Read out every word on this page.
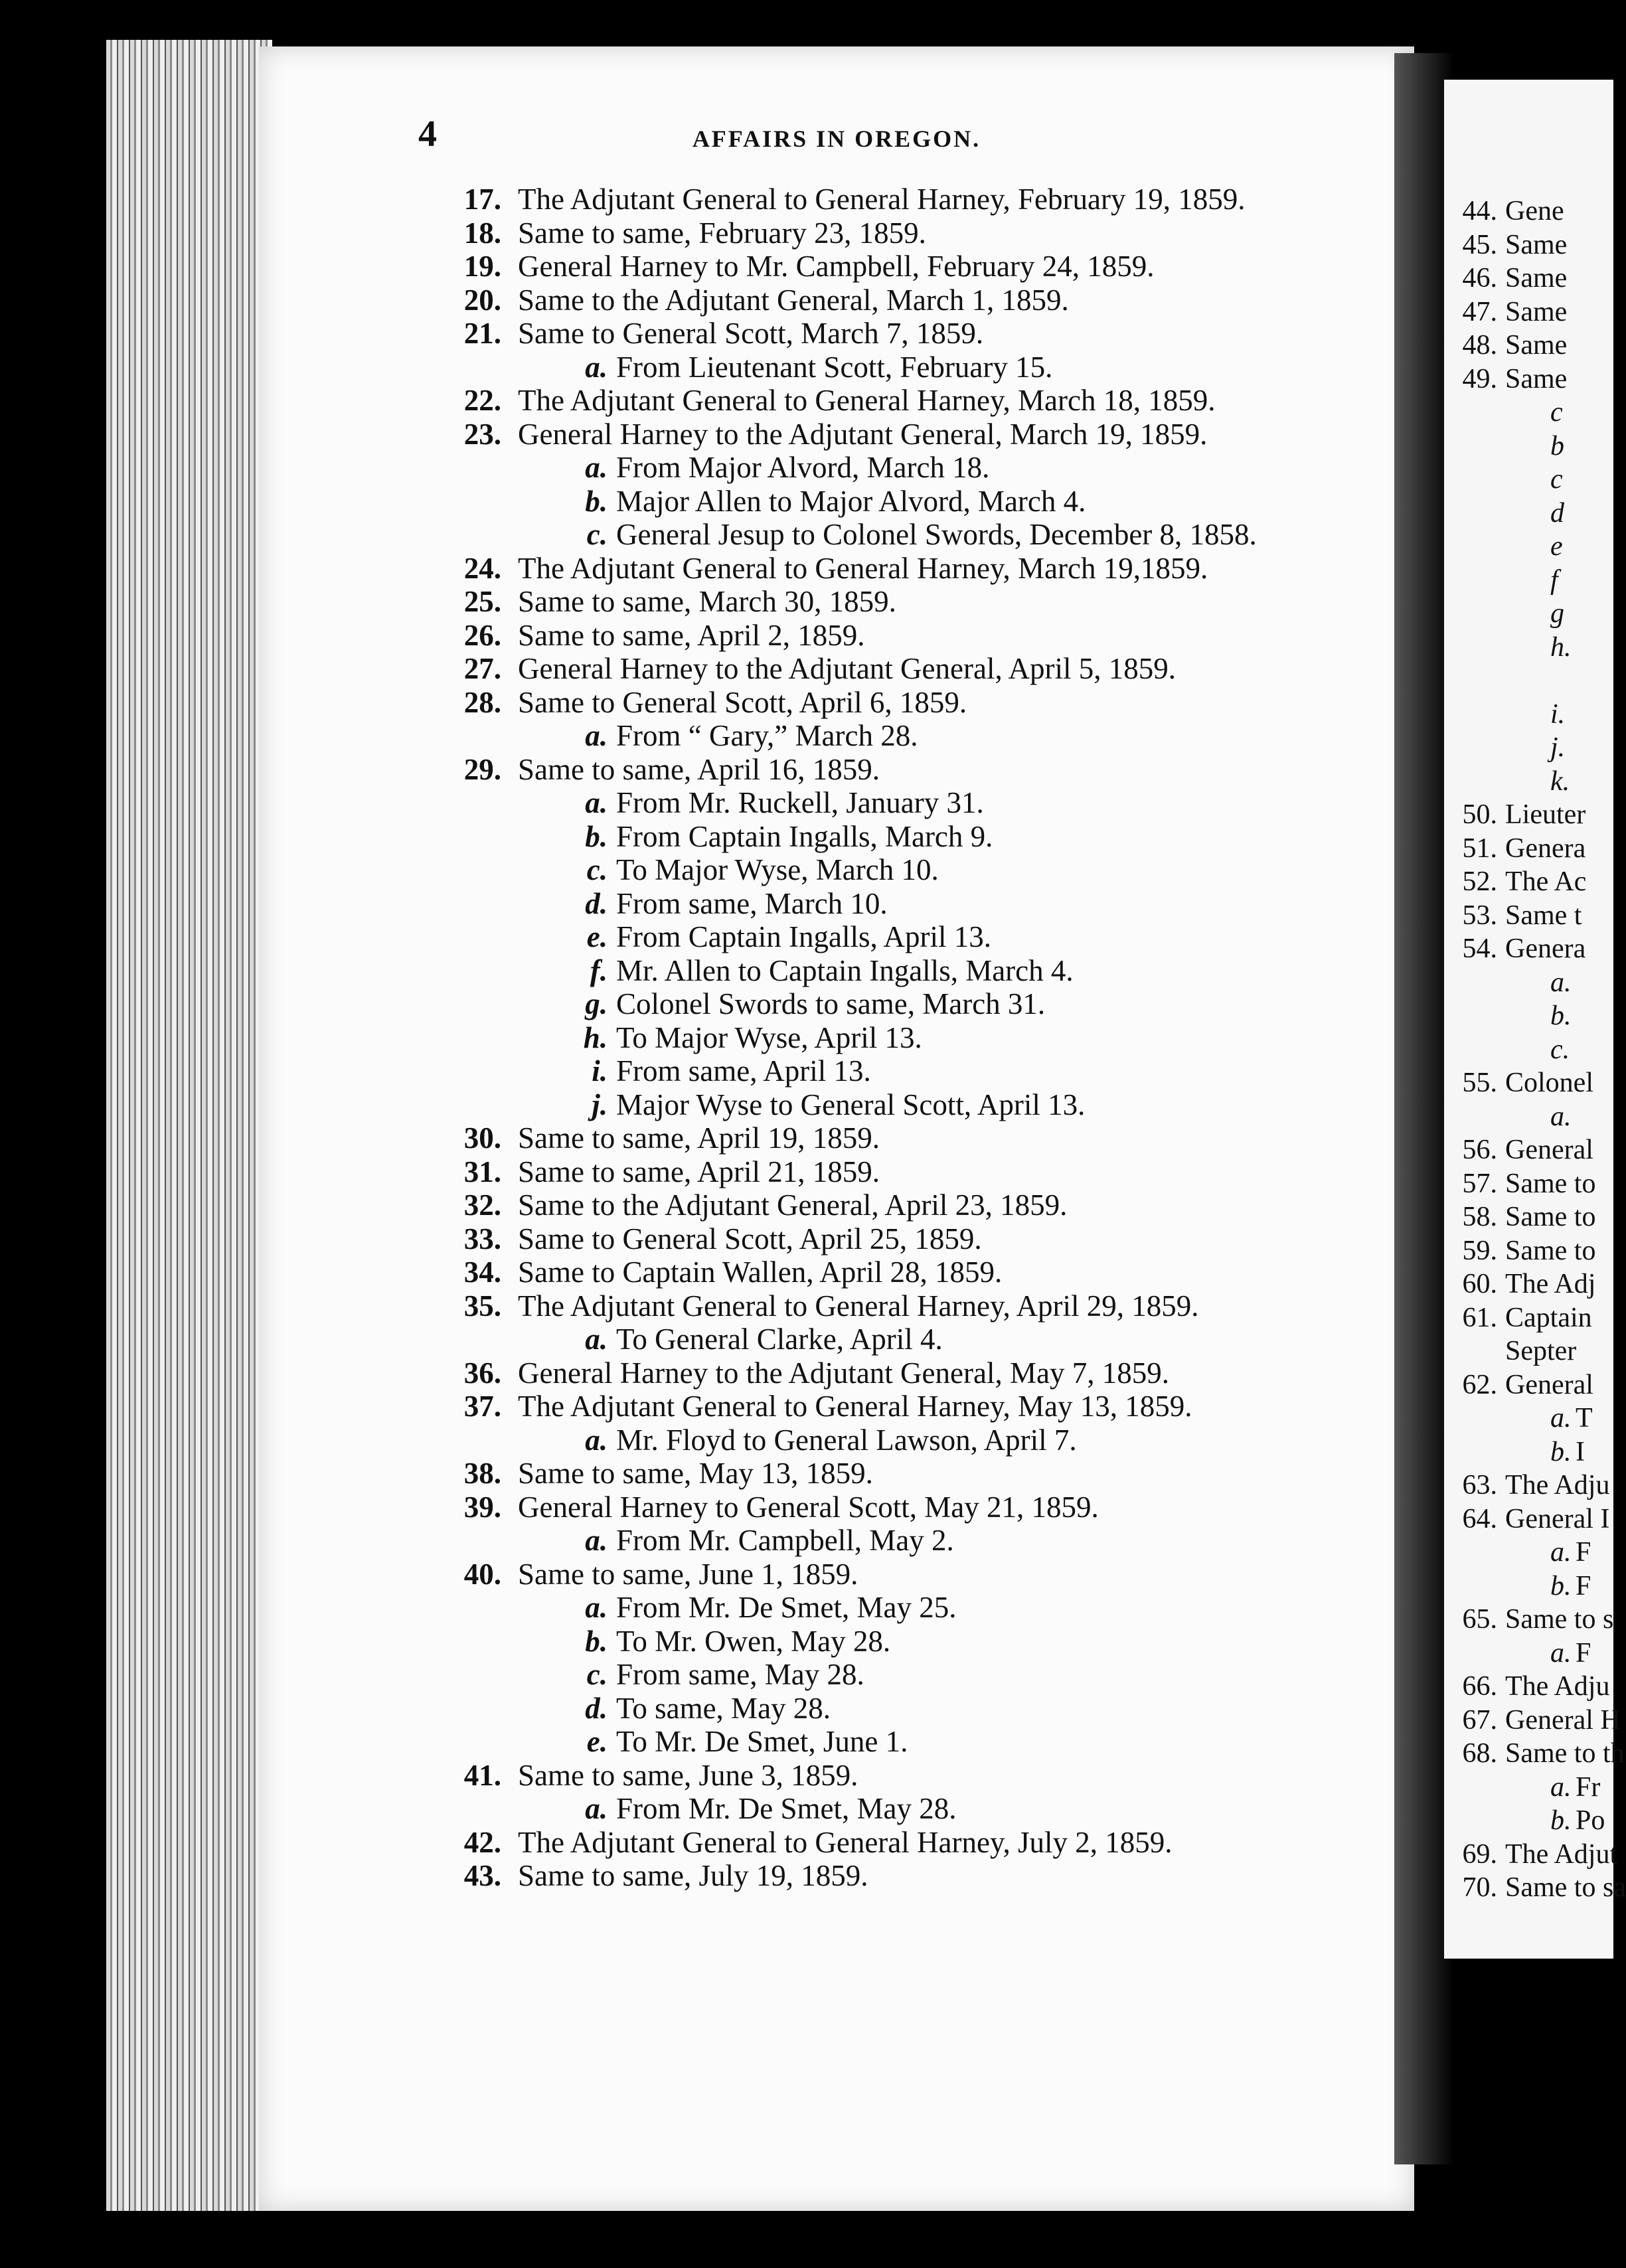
4	AFFAIRS IN OREGON.
17. The Adjutant General to General Harney, February 19, 1859.
18. Same to same, February 23, 1859.
19. General Harney to Mr. Campbell, February 24, 1859.
20. Same to the Adjutant General, March 1, 1859.
21. Same to General Scott, March 7, 1859.
a. From Lieutenant Scott, February 15.
22. The Adjutant General to General Harney, March 18, 1859.
23. General Harney to the Adjutant General, March 19, 1859.
a. From Major Alvord, March 18.
b. Major Allen to Major Alvord, March 4.
c. General Jesup to Colonel Swords, December 8, 1858.
24. The Adjutant General to General Harney, March 19,1859.
25. Same to same, March 30, 1859.
26. Same to same, April 2, 1859.
27. General Harney to the Adjutant General, April 5, 1859.
28. Same to General Scott, April 6, 1859.
a. From “ Gary,” March 28.
29. Same to same, April 16, 1859.
a. From Mr. Ruckell, January 31.
b. From Captain Ingalls, March 9.
c. To Major Wyse, March 10.
d. From same, March 10.
e. From Captain Ingalls, April 13.
f. Mr. Allen to Captain Ingalls, March 4.
g. Colonel Swords to same, March 31.
h. To Major Wyse, April 13.
i. From same, April 13.
j. Major Wyse to General Scott, April 13.
30. Same to same, April 19, 1859.
31. Same to same, April 21, 1859.
32. Same to the Adjutant General, April 23, 1859.
33. Same to General Scott, April 25, 1859.
34. Same to Captain Wallen, April 28, 1859.
35. The Adjutant General to General Harney, April 29, 1859.
a. To General Clarke, April 4.
36. General Harney to the Adjutant General, May 7, 1859.
37. The Adjutant General to General Harney, May 13, 1859.
a. Mr. Floyd to General Lawson, April 7.
38. Same to same, May 13, 1859.
39. General Harney to General Scott, May 21, 1859.
a. From Mr. Campbell, May 2.
40. Same to same, June 1, 1859.
a. From Mr. De Smet, May 25.
b. To Mr. Owen, May 28.
c. From same, May 28.
d. To same, May 28.
e. To Mr. De Smet, June 1.
41. Same to same, June 3, 1859.
a. From Mr. De Smet, May 28.
42. The Adjutant General to General Harney, July 2, 1859.
43. Same to same, July 19, 1859.
44. Gene
45. Same
46. Same
47. Same
48. Same
49. Same
c
b
c
d
e
f
g
h.
i.
j.
k.
50. Lieuter
51. Genera
52. The Ac
53. Same t
54. Genera
a.
b.
c.
55. Colonel
a.
56. General
57. Same to
58. Same to
59. Same to
60. The Adj
61. Captain
Septer
62. General
a. T
b. I
63. The Adju
64. General I
a. F
b. F
65. Same to s
a. F
66. The Adju
67. General H
68. Same to th
a. Fr
b. Po
69. The Adjut
70. Same to sa
